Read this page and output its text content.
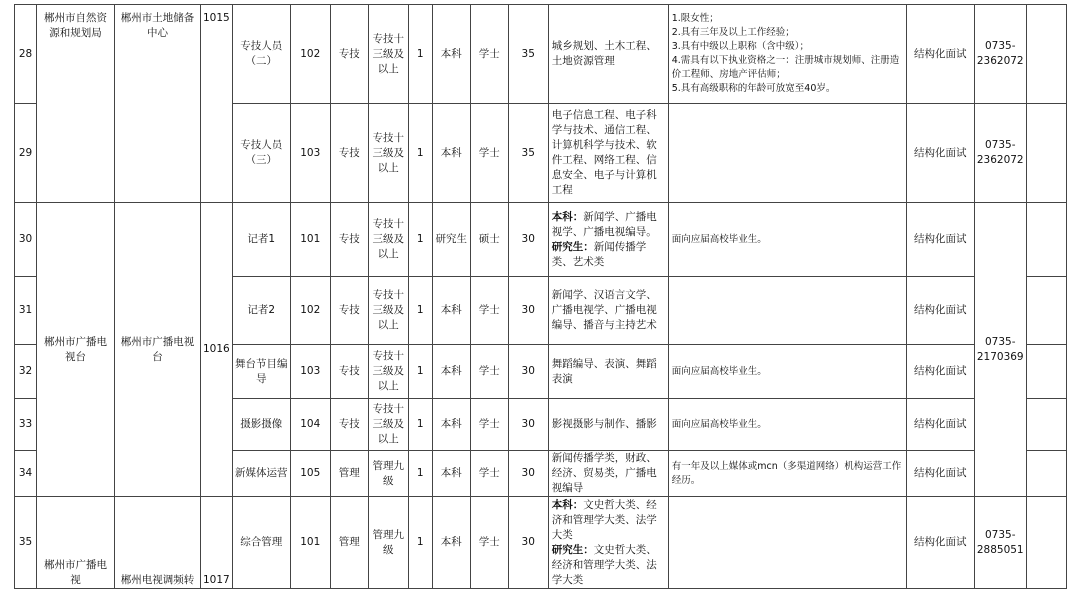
28	郴州市自然资源和规划局	郴州市土地储备中心	1015	专技人员（二）	102	专技	专技十三级及以上	1	本科	学士	35	城乡规划、土木工程、土地资源管理	1.限女性；
2.具有三年及以上工作经验；
3.具有中级以上职称（含中级）；
4.需具有以下执业资格之一：注册城市规划师、注册造价工程师、房地产评估师；
5.具有高级职称的年龄可放宽至40岁。	结构化面试	0735-2362072	
29				专技人员（三）	103	专技	专技十三级及以上	1	本科	学士	35	电子信息工程、电子科学与技术、通信工程、计算机科学与技术、软件工程、网络工程、信息安全、电子与计算机工程		结构化面试	0735-2362072	
30	郴州市广播电视台	郴州市广播电视台	1016	记者1	101	专技	专技十三级及以上	1	研究生	硕士	30	本科：新闻学、广播电视学、广播电视编导。
研究生：新闻传播学类、艺术类	面向应届高校毕业生。	结构化面试	0735-2170369	
31				记者2	102	专技	专技十三级及以上	1	本科	学士	30	新闻学、汉语言文学、广播电视学、广播电视编导、播音与主持艺术		结构化面试		
32				舞台节目编导	103	专技	专技十三级及以上	1	本科	学士	30	舞蹈编导、表演、舞蹈表演	面向应届高校毕业生。	结构化面试		
33				摄影摄像	104	专技	专技十三级及以上	1	本科	学士	30	影视摄影与制作、播影	面向应届高校毕业生。	结构化面试		
34				新媒体运营	105	管理	管理九级	1	本科	学士	30	新闻传播学类，财政、经济、贸易类，广播电视编导	有一年及以上媒体或mcn（多渠道网络）机构运营工作经历。	结构化面试		
35	郴州市广播电视	郴州电视调频转	1017	综合管理	101	管理	管理九级	1	本科	学士	30	本科：文史哲大类、经济和管理学大类、法学大类
研究生：文史哲大类、经济和管理学大类、法学大类		结构化面试	0735-2885051	
